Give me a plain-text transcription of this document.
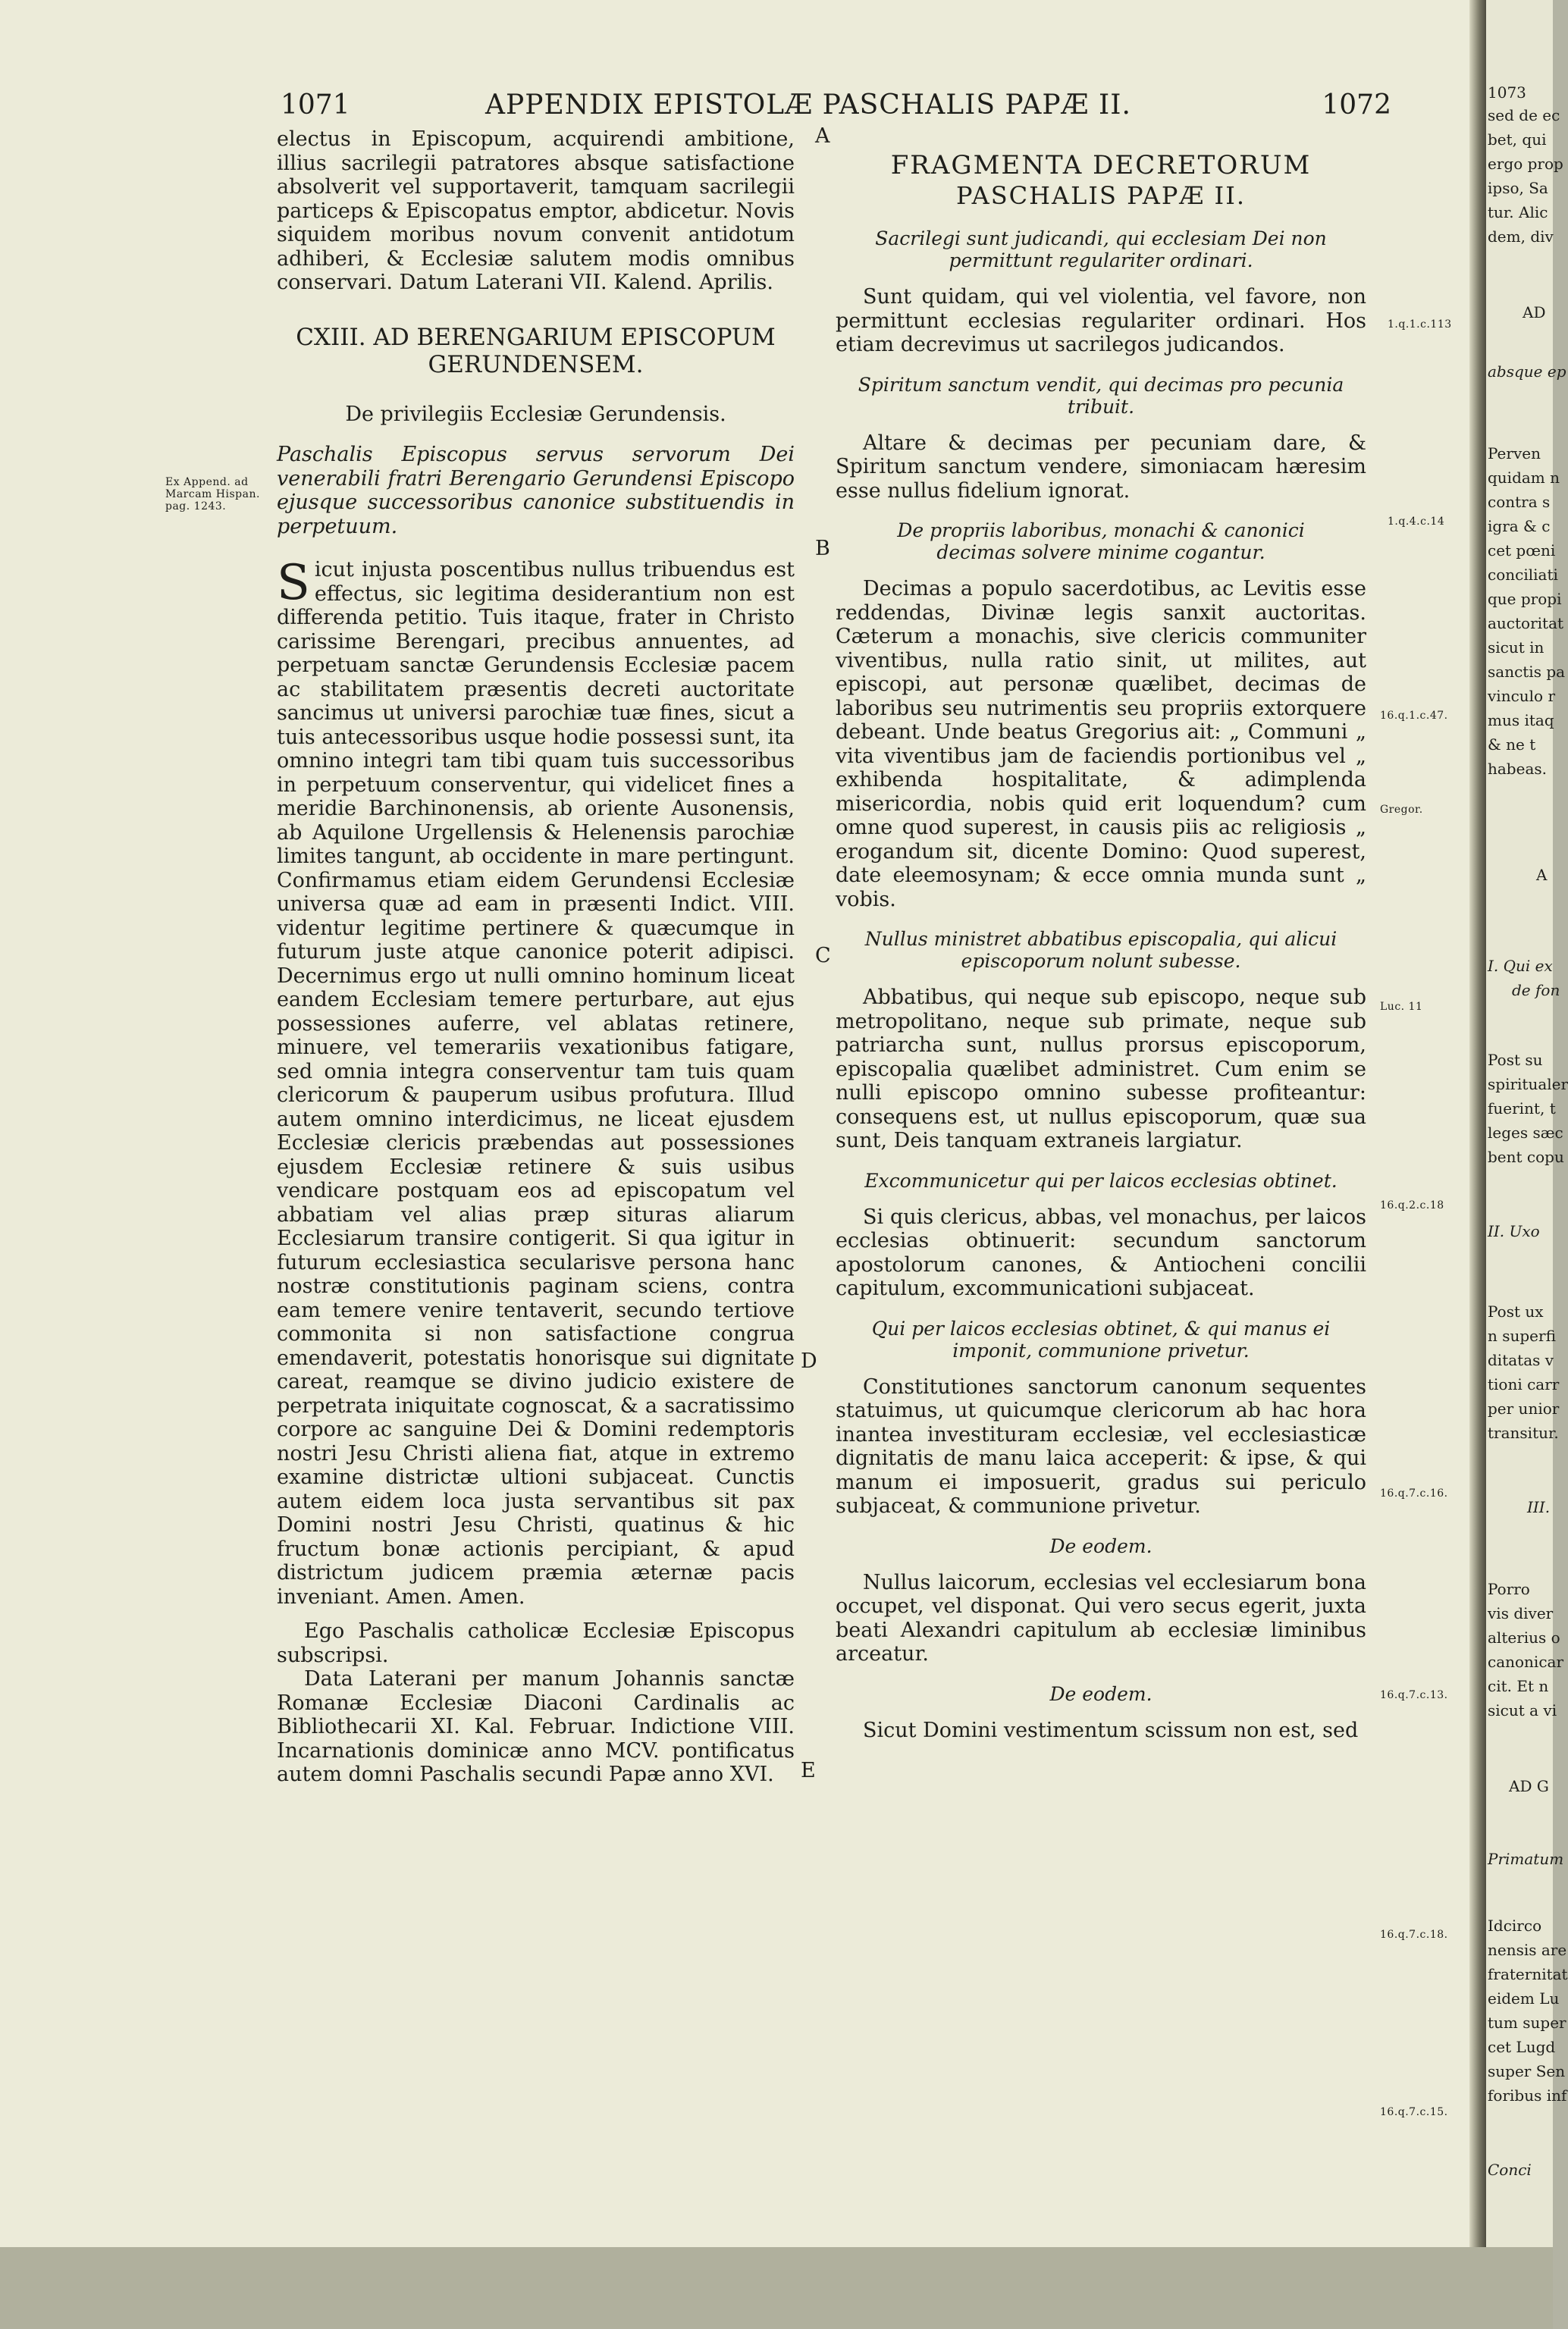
1071	APPENDIX EPISTOLÆ PASCHALIS PAPÆ II.	1072

electus in Episcopum, acquirendi ambitione, illius sacrilegii patratores absque satisfactione absolverit vel supportaverit, tamquam sacrilegii particeps & Episcopatus emptor, abdicetur. Novis siquidem moribus novum convenit antidotum adhiberi, & Ecclesiæ salutem modis omnibus conservari. Datum Laterani VII. Kalend. Aprilis.

CXIII. AD BERENGARIUM EPISCOPUM GERUNDENSEM.

De privilegiis Ecclesiæ Gerundensis.

Paschalis Episcopus servus servorum Dei venerabili fratri Berengario Gerundensi Episcopo ejusque successoribus canonice substituendis in perpetuum.

Sicut injusta poscentibus nullus tribuendus est effectus, sic legitima desiderantium non est differenda petitio. Tuis itaque, frater in Christo carissime Berengari, precibus annuentes, ad perpetuam sanctæ Gerundensis Ecclesiæ pacem ac stabilitatem præsentis decreti auctoritate sancimus ut universi parochiæ tuæ fines, sicut a tuis antecessoribus usque hodie possessi sunt, ita omnino integri tam tibi quam tuis successoribus in perpetuum conserventur, qui videlicet fines a meridie Barchinonensis, ab oriente Ausonensis, ab Aquilone Urgellensis & Helenensis parochiæ limites tangunt, ab occidente in mare pertingunt. Confirmamus etiam eidem Gerundensi Ecclesiæ universa quæ ad eam in præsenti Indict. VIII. videntur legitime pertinere & quæcumque in futurum juste atque canonice poterit adipisci. Decernimus ergo ut nulli omnino hominum liceat eandem Ecclesiam temere perturbare, aut ejus possessiones auferre, vel ablatas retinere, minuere, vel temerariis vexationibus fatigare, sed omnia integra conserventur tam tuis quam clericorum & pauperum usibus profutura. Illud autem omnino interdicimus, ne liceat ejusdem Ecclesiæ clericis præbendas aut possessiones ejusdem Ecclesiæ retinere & suis usibus vendicare postquam eos ad episcopatum vel abbatiam vel alias præp situras aliarum Ecclesiarum transire contigerit. Si qua igitur in futurum ecclesiastica secularisve persona hanc nostræ constitutionis paginam sciens, contra eam temere venire tentaverit, secundo tertiove commonita si non satisfactione congrua emendaverit, potestatis honorisque sui dignitate careat, reamque se divino judicio existere de perpetrata iniquitate cognoscat, & a sacratissimo corpore ac sanguine Dei & Domini redemptoris nostri Jesu Christi aliena fiat, atque in extremo examine districtæ ultioni subjaceat. Cunctis autem eidem loca justa servantibus sit pax Domini nostri Jesu Christi, quatinus & hic fructum bonæ actionis percipiant, & apud districtum judicem præmia æternæ pacis inveniant. Amen. Amen.

Ego Paschalis catholicæ Ecclesiæ Episcopus subscripsi.

Data Laterani per manum Johannis sanctæ Romanæ Ecclesiæ Diaconi Cardinalis ac Bibliothecarii XI. Kal. Februar. Indictione VIII. Incarnationis dominicæ anno MCV. pontificatus autem domni Paschalis secundi Papæ anno XVI.

Ex Append. ad Marcam Hispan. pag. 1243.
A
B
C
D
E
FRAGMENTA DECRETORUM
PASCHALIS PAPÆ II.

Sacrilegi sunt judicandi, qui ecclesiam Dei non permittunt regulariter ordinari.

Sunt quidam, qui vel violentia, vel favore, non permittunt ecclesias regulariter ordinari. Hos etiam decrevimus ut sacrilegos judicandos.

Spiritum sanctum vendit, qui decimas pro pecunia tribuit.

Altare & decimas per pecuniam dare, & Spiritum sanctum vendere, simoniacam hæresim esse nullus fidelium ignorat.

De propriis laboribus, monachi & canonici decimas solvere minime cogantur.

Decimas a populo sacerdotibus, ac Levitis esse reddendas, Divinæ legis sanxit auctoritas. Cæterum a monachis, sive clericis communiter viventibus, nulla ratio sinit, ut milites, aut episcopi, aut personæ quælibet, decimas de laboribus seu nutrimentis seu propriis extorquere debeant. Unde beatus Gregorius ait: „ Communi „ vita viventibus jam de faciendis portionibus vel „ exhibenda hospitalitate, & adimplenda misericordia, nobis quid erit loquendum? cum omne quod superest, in causis piis ac religiosis „ erogandum sit, dicente Domino: Quod superest, date eleemosynam; & ecce omnia munda sunt „ vobis.

Nullus ministret abbatibus episcopalia, qui alicui episcoporum nolunt subesse.

Abbatibus, qui neque sub episcopo, neque sub metropolitano, neque sub primate, neque sub patriarcha sunt, nullus prorsus episcoporum, episcopalia quælibet administret. Cum enim se nulli episcopo omnino subesse profiteantur: consequens est, ut nullus episcoporum, quæ sua sunt, Deis tanquam extraneis largiatur.

Excommunicetur qui per laicos ecclesias obtinet.

Si quis clericus, abbas, vel monachus, per laicos ecclesias obtinuerit: secundum sanctorum apostolorum canones, & Antiocheni concilii capitulum, excommunicationi subjaceat.

Qui per laicos ecclesias obtinet, & qui manus ei imponit, communione privetur.

Constitutiones sanctorum canonum sequentes statuimus, ut quicumque clericorum ab hac hora inantea investituram ecclesiæ, vel ecclesiasticæ dignitatis de manu laica acceperit: & ipse, & qui manum ei imposuerit, gradus sui periculo subjaceat, & communione privetur.

De eodem.

Nullus laicorum, ecclesias vel ecclesiarum bona occupet, vel disponat. Qui vero secus egerit, juxta beati Alexandri capitulum ab ecclesiæ liminibus arceatur.

De eodem.

Sicut Domini vestimentum scissum non est, sed

1.q.1.c.113
1.q.4.c.14
16.q.1.c.47.
Gregor.
Luc. 11
16.q.2.c.18
16.q.7.c.16.
16.q.7.c.13.
16.q.7.c.18.
16.q.7.c.15.
1073
sed de ec
bet, qui
ergo prop
ipso, Sa
tur. Alic
dem, div
AD
absque ep
Perven
quidam n
contra s
igra & c
cet pœni
conciliati
que propi
auctoritat
sicut in
sanctis pa
vinculo r
mus itaq
& ne t
habeas.
A
I. Qui ex
de fon
Post su
spiritualer
fuerint, t
leges sæc
bent copu
II. Uxo
Post ux
n superfi
ditatas v
tioni carr
per unior
transitur.
III.
Porro
vis diver
alterius o
canonicar
cit. Et n
sicut a vi
AD G
Primatum
Idcirco
nensis are
fraternitat
eidem Lu
tum super
cet Lugd
super Sen
foribus inf
Conci
